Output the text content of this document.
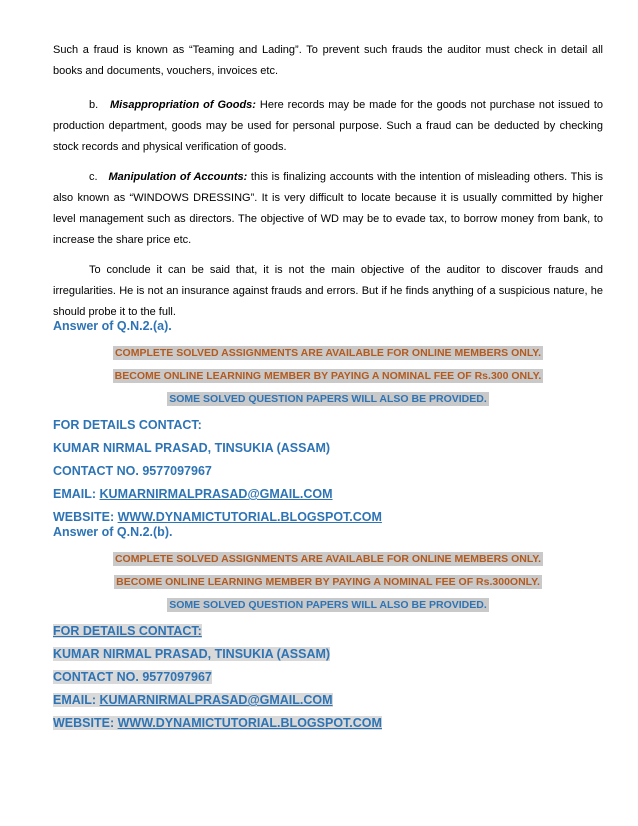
Such a fraud is known as “Teaming and Lading”. To prevent such frauds the auditor must check in detail all books and documents, vouchers, invoices etc.

b. Misappropriation of Goods: Here records may be made for the goods not purchase not issued to production department, goods may be used for personal purpose. Such a fraud can be deducted by checking stock records and physical verification of goods.

c. Manipulation of Accounts: this is finalizing accounts with the intention of misleading others. This is also known as “WINDOWS DRESSING”. It is very difficult to locate because it is usually committed by higher level management such as directors. The objective of WD may be to evade tax, to borrow money from bank, to increase the share price etc.

To conclude it can be said that, it is not the main objective of the auditor to discover frauds and irregularities. He is not an insurance against frauds and errors. But if he finds anything of a suspicious nature, he should probe it to the full.

Answer of Q.N.2.(a).

COMPLETE SOLVED ASSIGNMENTS ARE AVAILABLE FOR ONLINE MEMBERS ONLY.
BECOME ONLINE LEARNING MEMBER BY PAYING A NOMINAL FEE OF Rs.300 ONLY.
SOME SOLVED QUESTION PAPERS WILL ALSO BE PROVIDED.

FOR DETAILS CONTACT:

KUMAR NIRMAL PRASAD, TINSUKIA (ASSAM)

CONTACT NO. 9577097967

EMAIL: KUMARNIRMALPRASAD@GMAIL.COM

WEBSITE: WWW.DYNAMICTUTORIAL.BLOGSPOT.COM

Answer of Q.N.2.(b).

COMPLETE SOLVED ASSIGNMENTS ARE AVAILABLE FOR ONLINE MEMBERS ONLY.
BECOME ONLINE LEARNING MEMBER BY PAYING A NOMINAL FEE OF Rs.300ONLY.
SOME SOLVED QUESTION PAPERS WILL ALSO BE PROVIDED.

FOR DETAILS CONTACT:

KUMAR NIRMAL PRASAD, TINSUKIA (ASSAM)

CONTACT NO. 9577097967

EMAIL: KUMARNIRMALPRASAD@GMAIL.COM

WEBSITE: WWW.DYNAMICTUTORIAL.BLOGSPOT.COM
